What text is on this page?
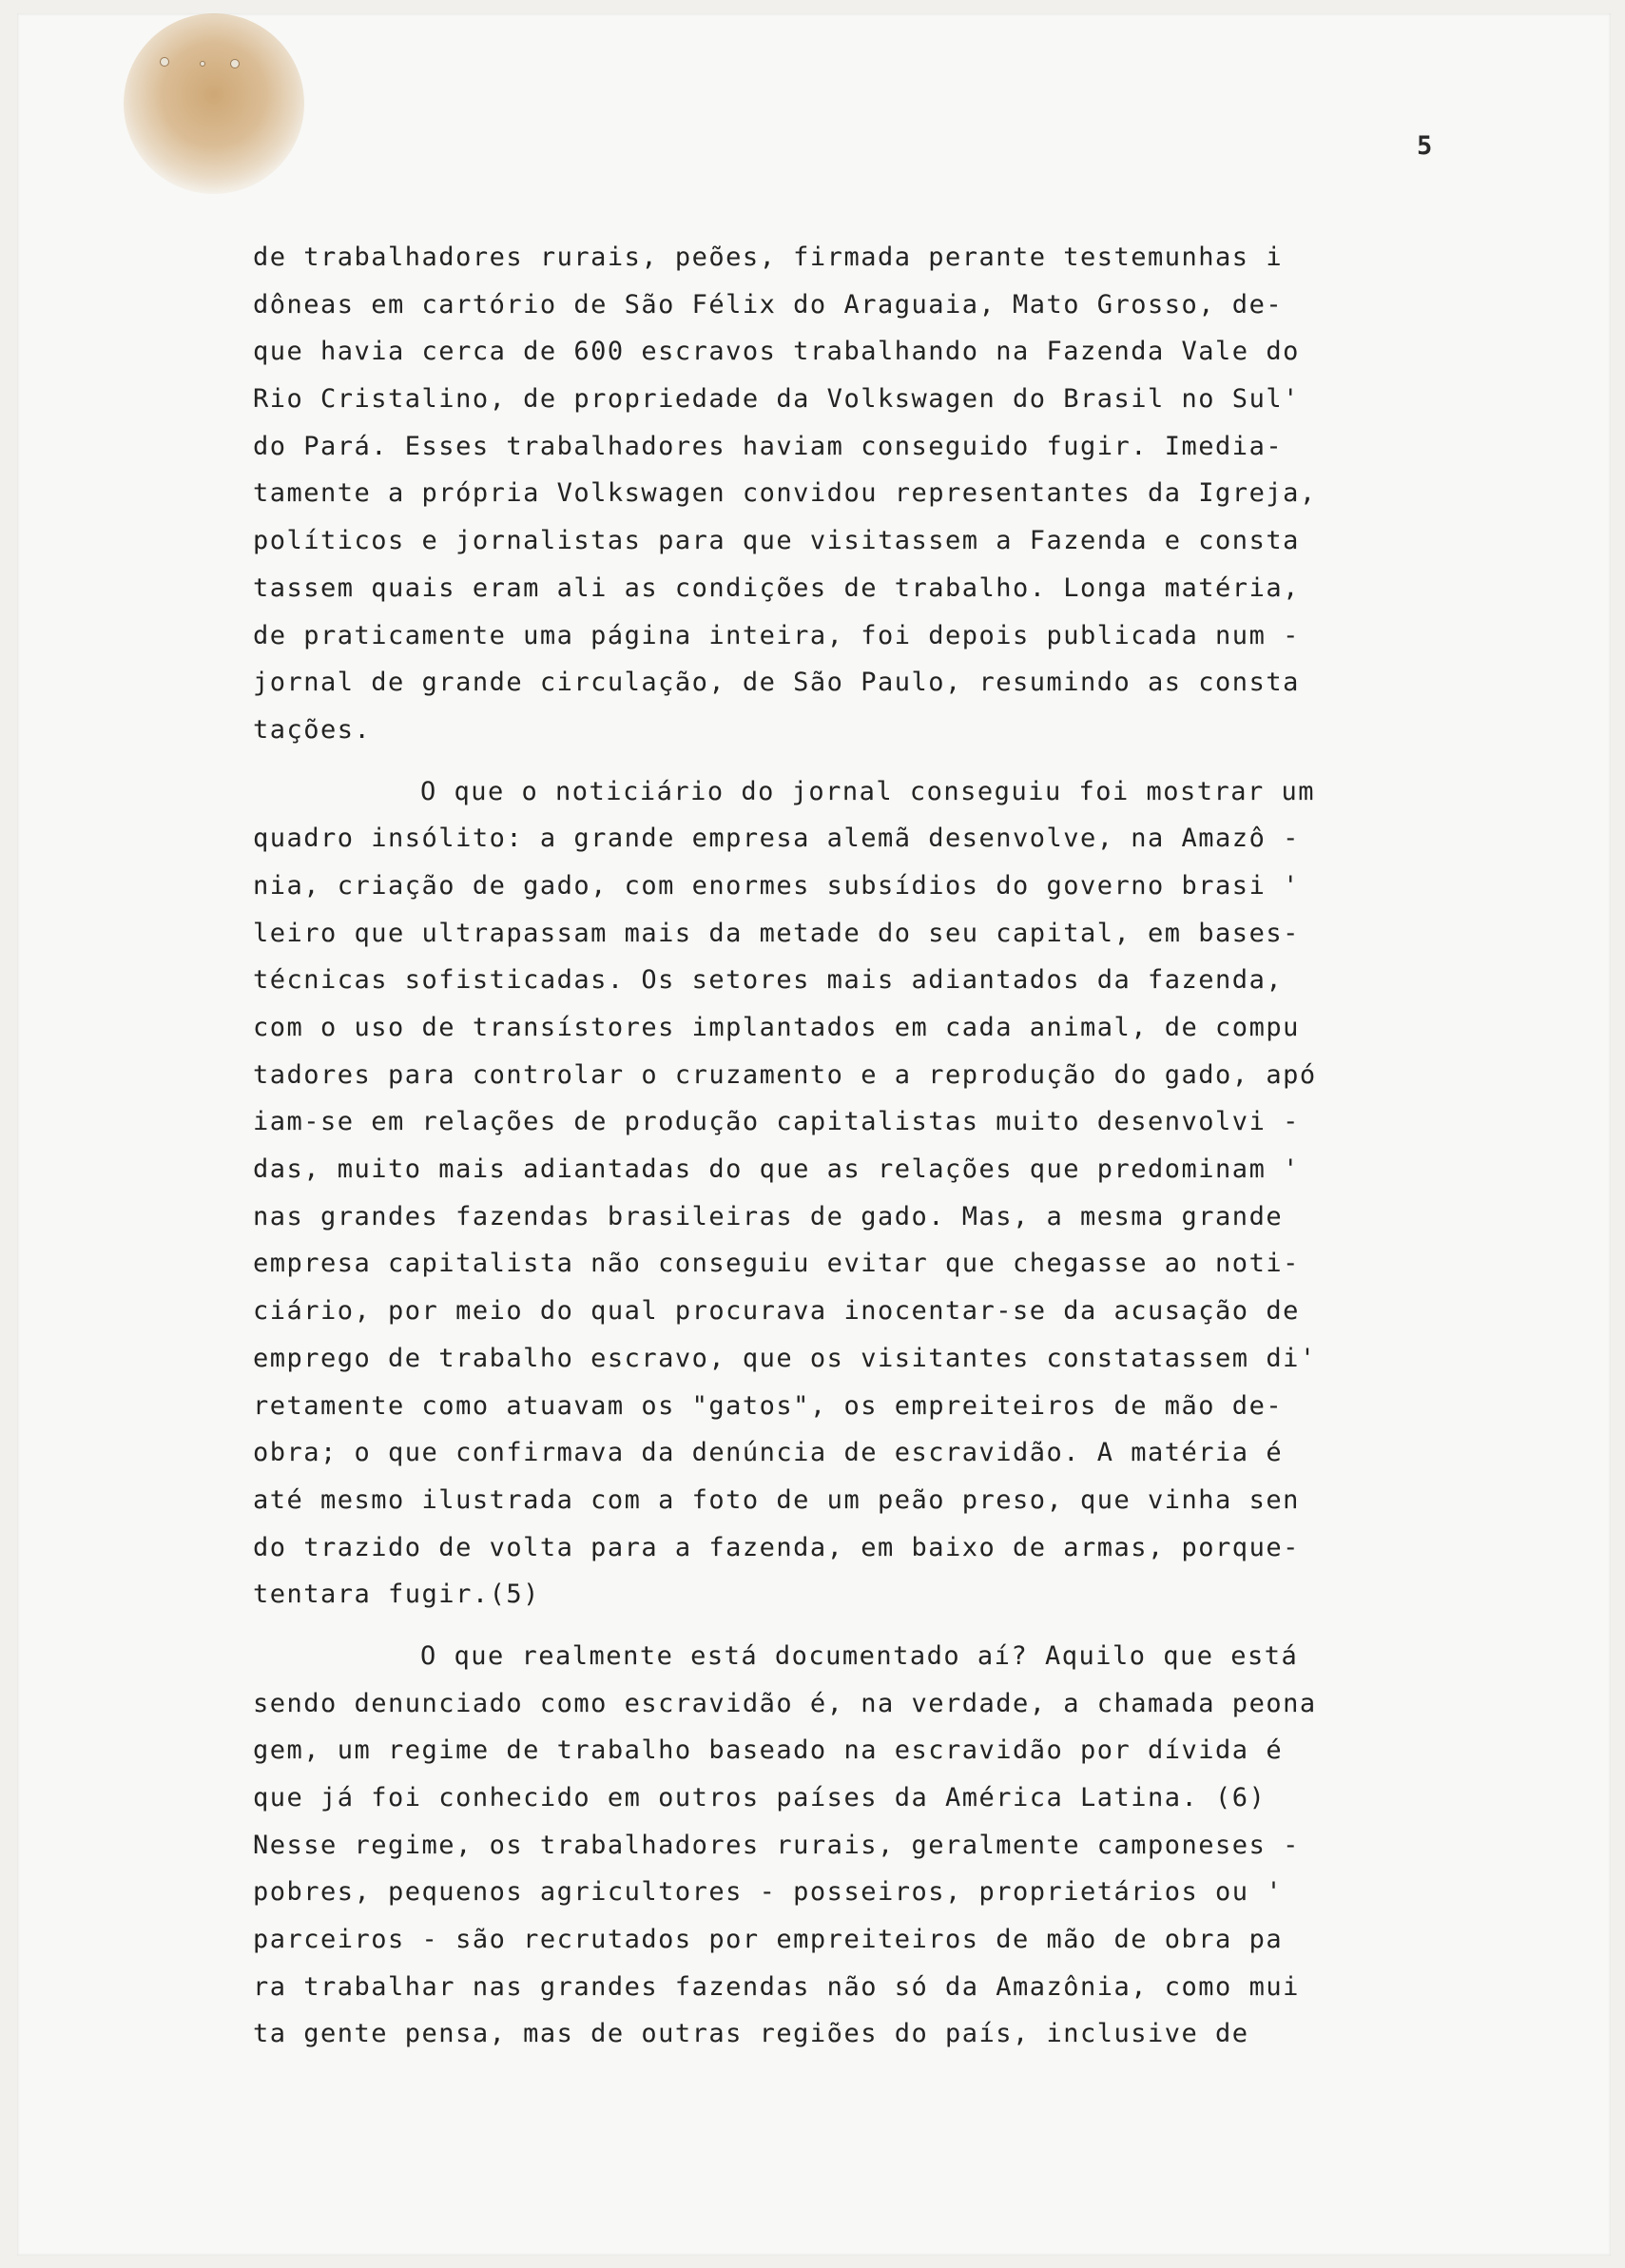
5
de trabalhadores rurais, peões, firmada perante testemunhas i
dôneas em cartório de São Félix do Araguaia, Mato Grosso, de-
que havia cerca de 600 escravos trabalhando na Fazenda Vale do
Rio Cristalino, de propriedade da Volkswagen do Brasil no Sul'
do Pará. Esses trabalhadores haviam conseguido fugir. Imedia-
tamente a própria Volkswagen convidou representantes da Igreja,
políticos e jornalistas para que visitassem a Fazenda e consta
tassem quais eram ali as condições de trabalho. Longa matéria,
de praticamente uma página inteira, foi depois publicada num -
jornal de grande circulação, de São Paulo, resumindo as consta
tações.
O que o noticiário do jornal conseguiu foi mostrar um
quadro insólito: a grande empresa alemã desenvolve, na Amazô -
nia, criação de gado, com enormes subsídios do governo brasi '
leiro que ultrapassam mais da metade do seu capital, em bases-
técnicas sofisticadas. Os setores mais adiantados da fazenda,
com o uso de transístores implantados em cada animal, de compu
tadores para controlar o cruzamento e a reprodução do gado, apó
iam-se em relações de produção capitalistas muito desenvolvi -
das, muito mais adiantadas do que as relações que predominam '
nas grandes fazendas brasileiras de gado. Mas, a mesma grande
empresa capitalista não conseguiu evitar que chegasse ao noti-
ciário, por meio do qual procurava inocentar-se da acusação de
emprego de trabalho escravo, que os visitantes constatassem di'
retamente como atuavam os "gatos", os empreiteiros de mão de-
obra; o que confirmava da denúncia de escravidão. A matéria é
até mesmo ilustrada com a foto de um peão preso, que vinha sen
do trazido de volta para a fazenda, em baixo de armas, porque-
tentara fugir.(5)
O que realmente está documentado aí? Aquilo que está
sendo denunciado como escravidão é, na verdade, a chamada peona
gem, um regime de trabalho baseado na escravidão por dívida é
que já foi conhecido em outros países da América Latina. (6)
Nesse regime, os trabalhadores rurais, geralmente camponeses -
pobres, pequenos agricultores - posseiros, proprietários ou '
parceiros - são recrutados por empreiteiros de mão de obra pa
ra trabalhar nas grandes fazendas não só da Amazônia, como mui
ta gente pensa, mas de outras regiões do país, inclusive de
